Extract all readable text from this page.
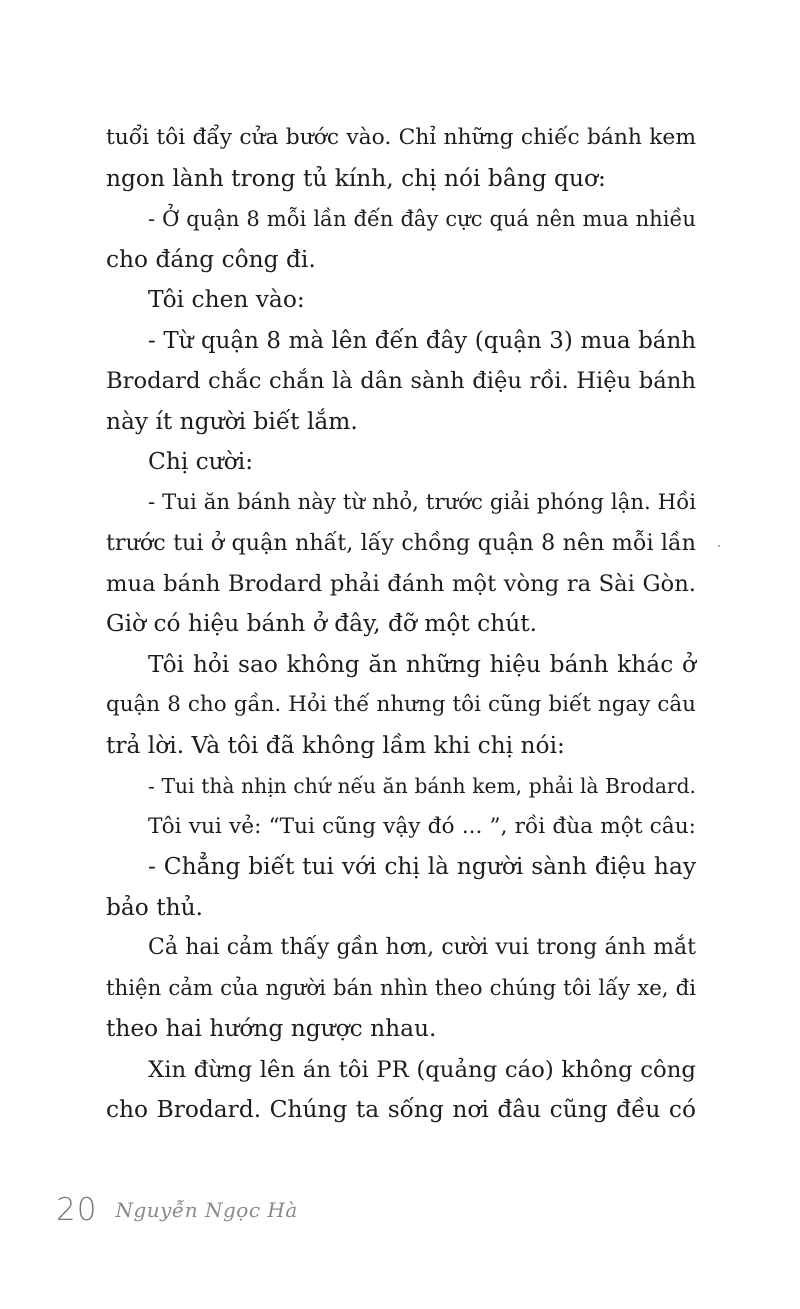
tuổi tôi đẩy cửa bước vào. Chỉ những chiếc bánh kem
ngon lành trong tủ kính, chị nói bâng quơ:
- Ở quận 8 mỗi lần đến đây cực quá nên mua nhiều
cho đáng công đi.
Tôi chen vào:
- Từ quận 8 mà lên đến đây (quận 3) mua bánh
Brodard chắc chắn là dân sành điệu rồi. Hiệu bánh
này ít người biết lắm.
Chị cười:
- Tui ăn bánh này từ nhỏ, trước giải phóng lận. Hồi
trước tui ở quận nhất, lấy chồng quận 8 nên mỗi lần
mua bánh Brodard phải đánh một vòng ra Sài Gòn.
Giờ có hiệu bánh ở đây, đỡ một chút.
Tôi hỏi sao không ăn những hiệu bánh khác ở
quận 8 cho gần. Hỏi thế nhưng tôi cũng biết ngay câu
trả lời. Và tôi đã không lầm khi chị nói:
- Tui thà nhịn chứ nếu ăn bánh kem, phải là Brodard.
Tôi vui vẻ: “Tui cũng vậy đó ... ”, rồi đùa một câu:
- Chẳng biết tui với chị là người sành điệu hay
bảo thủ.
Cả hai cảm thấy gần hơn, cười vui trong ánh mắt
thiện cảm của người bán nhìn theo chúng tôi lấy xe, đi
theo hai hướng ngược nhau.
Xin đừng lên án tôi PR (quảng cáo) không công
cho Brodard. Chúng ta sống nơi đâu cũng đều có
20 Nguyễn Ngọc Hà
